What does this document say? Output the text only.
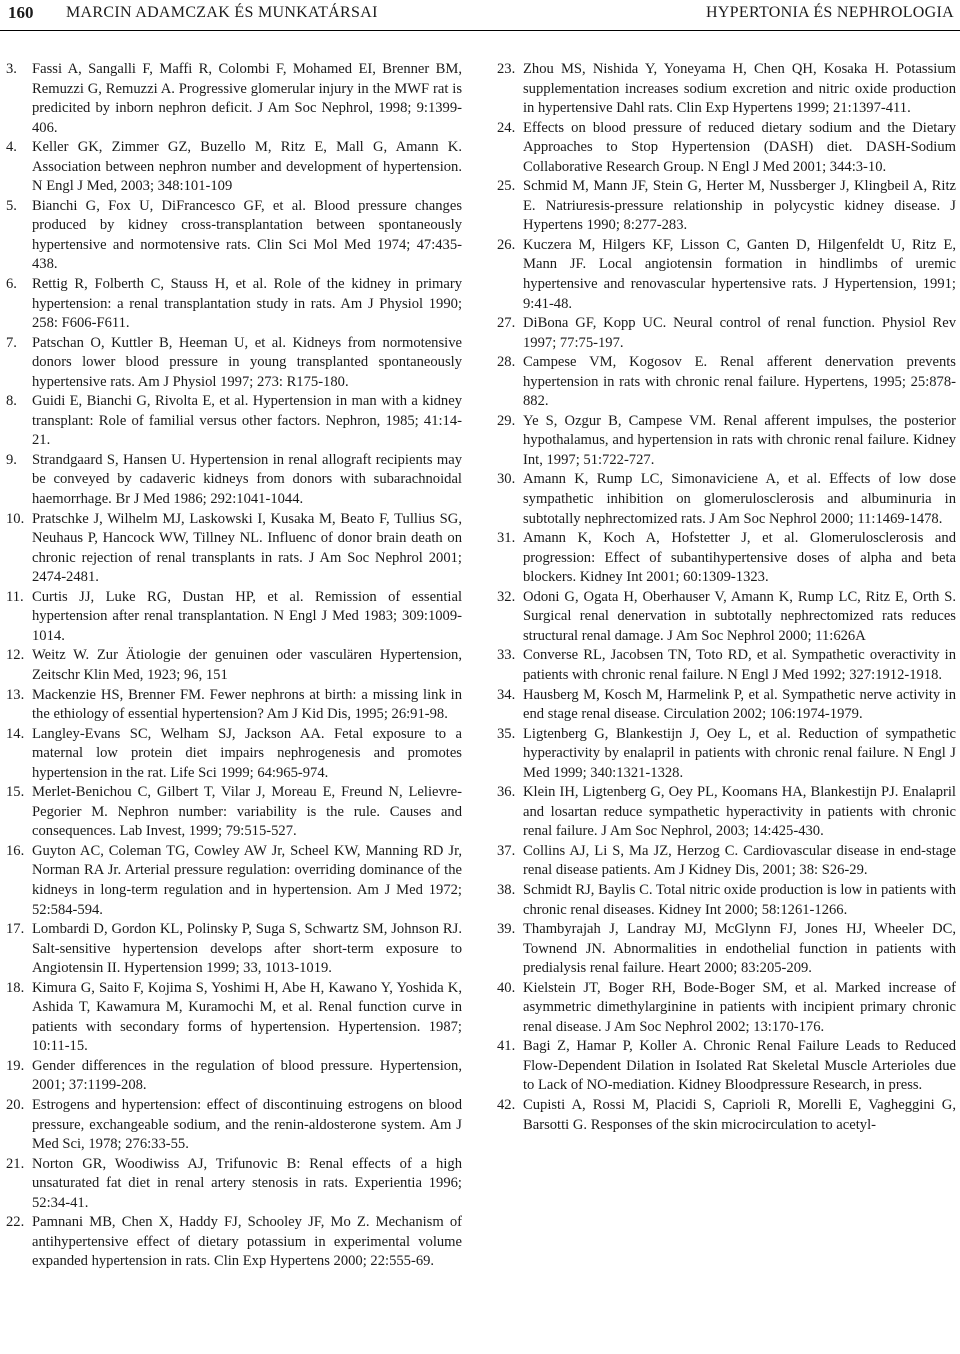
160 MARCIN ADAMCZAK ÉS MUNKATÁRSAI	HYPERTONIA ÉS NEPHROLOGIA
3.	Fassi A, Sangalli F, Maffi R, Colombi F, Mohamed EI, Brenner BM, Remuzzi G, Remuzzi A. Progressive glomerular injury in the MWF rat is predicited by inborn nephron deficit. J Am Soc Nephrol, 1998; 9:1399-406.
4.	Keller GK, Zimmer GZ, Buzello M, Ritz E, Mall G, Amann K. Association between nephron number and development of hypertension. N Engl J Med, 2003; 348:101-109
5.	Bianchi G, Fox U, DiFrancesco GF, et al. Blood pressure changes produced by kidney cross-transplantation between spontaneously hypertensive and normotensive rats. Clin Sci Mol Med 1974; 47:435-438.
6.	Rettig R, Folberth C, Stauss H, et al. Role of the kidney in primary hypertension: a renal transplantation study in rats. Am J Physiol 1990; 258: F606-F611.
7.	Patschan O, Kuttler B, Heeman U, et al. Kidneys from normotensive donors lower blood pressure in young transplanted spontaneously hypertensive rats. Am J Physiol 1997; 273: R175-180.
8.	Guidi E, Bianchi G, Rivolta E, et al. Hypertension in man with a kidney transplant: Role of familial versus other factors. Nephron, 1985; 41:14-21.
9.	Strandgaard S, Hansen U. Hypertension in renal allograft recipients may be conveyed by cadaveric kidneys from donors with subarachnoidal haemorrhage. Br J Med 1986; 292:1041-1044.
10. Pratschke J, Wilhelm MJ, Laskowski I, Kusaka M, Beato F, Tullius SG, Neuhaus P, Hancock WW, Tillney NL. Influenc of donor brain death on chronic rejection of renal transplants in rats. J Am Soc Nephrol 2001; 2474-2481.
11. Curtis JJ, Luke RG, Dustan HP, et al. Remission of essential hypertension after renal transplantation. N Engl J Med 1983; 309:1009-1014.
12. Weitz W. Zur Ätiologie der genuinen oder vasculären Hypertension, Zeitschr Klin Med, 1923; 96, 151
13. Mackenzie HS, Brenner FM. Fewer nephrons at birth: a missing link in the ethiology of essential hypertension? Am J Kid Dis, 1995; 26:91-98.
14. Langley-Evans SC, Welham SJ, Jackson AA. Fetal exposure to a maternal low protein diet impairs nephrogenesis and promotes hypertension in the rat. Life Sci 1999; 64:965-974.
15. Merlet-Benichou C, Gilbert T, Vilar J, Moreau E, Freund N, Lelievre-Pegorier M. Nephron number: variability is the rule. Causes and consequences. Lab Invest, 1999; 79:515-527.
16. Guyton AC, Coleman TG, Cowley AW Jr, Scheel KW, Manning RD Jr, Norman RA Jr. Arterial pressure regulation: overriding dominance of the kidneys in long-term regulation and in hypertension. Am J Med 1972; 52:584-594.
17. Lombardi D, Gordon KL, Polinsky P, Suga S, Schwartz SM, Johnson RJ. Salt-sensitive hypertension develops after short-term exposure to Angiotensin II. Hypertension 1999; 33, 1013-1019.
18. Kimura G, Saito F, Kojima S, Yoshimi H, Abe H, Kawano Y, Yoshida K, Ashida T, Kawamura M, Kuramochi M, et al. Renal function curve in patients with secondary forms of hypertension. Hypertension. 1987; 10:11-15.
19. Gender differences in the regulation of blood pressure. Hypertension, 2001; 37:1199-208.
20. Estrogens and hypertension: effect of discontinuing estrogens on blood pressure, exchangeable sodium, and the renin-aldosterone system. Am J Med Sci, 1978; 276:33-55.
21. Norton GR, Woodiwiss AJ, Trifunovic B: Renal effects of a high unsaturated fat diet in renal artery stenosis in rats. Experientia 1996; 52:34-41.
22. Pamnani MB, Chen X, Haddy FJ, Schooley JF, Mo Z. Mechanism of antihypertensive effect of dietary potassium in experimental volume expanded hypertension in rats. Clin Exp Hypertens 2000; 22:555-69.
23. Zhou MS, Nishida Y, Yoneyama H, Chen QH, Kosaka H. Potassium supplementation increases sodium excretion and nitric oxide production in hypertensive Dahl rats. Clin Exp Hypertens 1999; 21:1397-411.
24. Effects on blood pressure of reduced dietary sodium and the Dietary Approaches to Stop Hypertension (DASH) diet. DASH-Sodium Collaborative Research Group. N Engl J Med 2001; 344:3-10.
25. Schmid M, Mann JF, Stein G, Herter M, Nussberger J, Klingbeil A, Ritz E. Natriuresis-pressure relationship in polycystic kidney disease. J Hypertens 1990; 8:277-283.
26. Kuczera M, Hilgers KF, Lisson C, Ganten D, Hilgenfeldt U, Ritz E, Mann JF. Local angiotensin formation in hindlimbs of uremic hypertensive and renovascular hypertensive rats. J Hypertension, 1991; 9:41-48.
27. DiBona GF, Kopp UC. Neural control of renal function. Physiol Rev 1997; 77:75-197.
28. Campese VM, Kogosov E. Renal afferent denervation prevents hypertension in rats with chronic renal failure. Hypertens, 1995; 25:878-882.
29. Ye S, Ozgur B, Campese VM. Renal afferent impulses, the posterior hypothalamus, and hypertension in rats with chronic renal failure. Kidney Int, 1997; 51:722-727.
30. Amann K, Rump LC, Simonaviciene A, et al. Effects of low dose sympathetic inhibition on glomerulosclerosis and albuminuria in subtotally nephrectomized rats. J Am Soc Nephrol 2000; 11:1469-1478.
31. Amann K, Koch A, Hofstetter J, et al. Glomerulosclerosis and progression: Effect of subantihypertensive doses of alpha and beta blockers. Kidney Int 2001; 60:1309-1323.
32. Odoni G, Ogata H, Oberhauser V, Amann K, Rump LC, Ritz E, Orth S. Surgical renal denervation in subtotally nephrectomized rats reduces structural renal damage. J Am Soc Nephrol 2000; 11:626A
33. Converse RL, Jacobsen TN, Toto RD, et al. Sympathetic overactivity in patients with chronic renal failure. N Engl J Med 1992; 327:1912-1918.
34. Hausberg M, Kosch M, Harmelink P, et al. Sympathetic nerve activity in end stage renal disease. Circulation 2002; 106:1974-1979.
35. Ligtenberg G, Blankestijn J, Oey L, et al. Reduction of sympathetic hyperactivity by enalapril in patients with chronic renal failure. N Engl J Med 1999; 340:1321-1328.
36. Klein IH, Ligtenberg G, Oey PL, Koomans HA, Blankestijn PJ. Enalapril and losartan reduce sympathetic hyperactivity in patients with chronic renal failure. J Am Soc Nephrol, 2003; 14:425-430.
37. Collins AJ, Li S, Ma JZ, Herzog C. Cardiovascular disease in end-stage renal disease patients. Am J Kidney Dis, 2001; 38: S26-29.
38. Schmidt RJ, Baylis C. Total nitric oxide production is low in patients with chronic renal diseases. Kidney Int 2000; 58:1261-1266.
39. Thambyrajah J, Landray MJ, McGlynn FJ, Jones HJ, Wheeler DC, Townend JN. Abnormalities in endothelial function in patients with predialysis renal failure. Heart 2000; 83:205-209.
40. Kielstein JT, Boger RH, Bode-Boger SM, et al. Marked increase of asymmetric dimethylarginine in patients with incipient primary chronic renal disease. J Am Soc Nephrol 2002; 13:170-176.
41. Bagi Z, Hamar P, Koller A. Chronic Renal Failure Leads to Reduced Flow-Dependent Dilation in Isolated Rat Skeletal Muscle Arterioles due to Lack of NO-mediation. Kidney Bloodpressure Research, in press.
42. Cupisti A, Rossi M, Placidi S, Caprioli R, Morelli E, Vagheggini G, Barsotti G. Responses of the skin microcirculation to acetyl-
